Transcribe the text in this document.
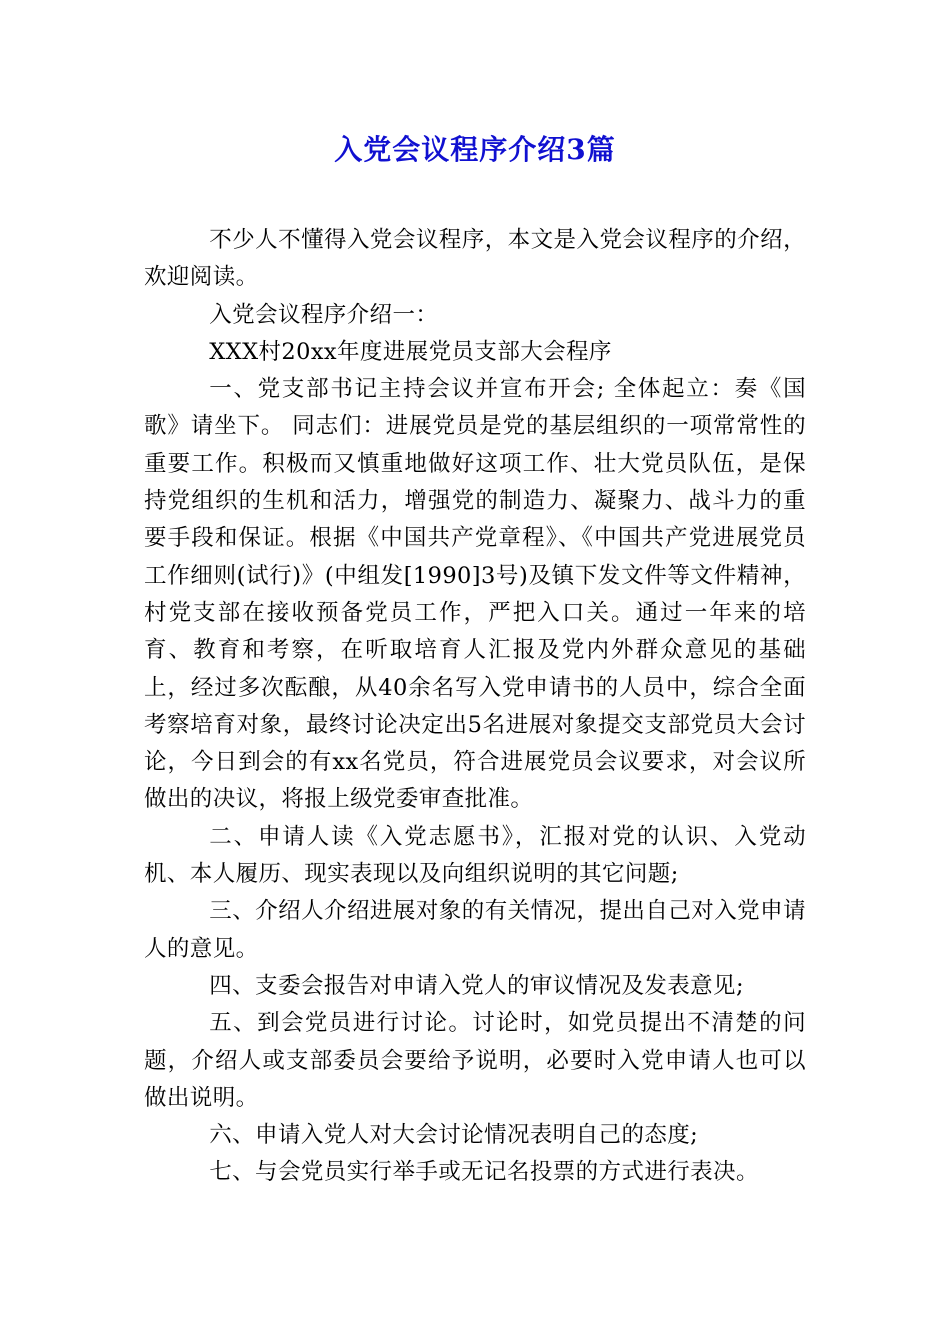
入党会议程序介绍3篇

不少人不懂得入党会议程序，本文是入党会议程序的介绍，欢迎阅读。

入党会议程序介绍一：

XXX村20xx年度进展党员支部大会程序

一、党支部书记主持会议并宣布开会; 全体起立：奏《国歌》请坐下。 同志们：进展党员是党的基层组织的一项常常性的重要工作。积极而又慎重地做好这项工作、壮大党员队伍，是保持党组织的生机和活力，增强党的制造力、凝聚力、战斗力的重要手段和保证。根据《中国共产党章程》、《中国共产党进展党员工作细则(试行)》(中组发[1990]3号)及镇下发文件等文件精神，村党支部在接收预备党员工作，严把入口关。通过一年来的培育、教育和考察，在听取培育人汇报及党内外群众意见的基础上，经过多次酝酿，从40余名写入党申请书的人员中，综合全面考察培育对象，最终讨论决定出5名进展对象提交支部党员大会讨论，今日到会的有xx名党员，符合进展党员会议要求，对会议所做出的决议，将报上级党委审查批准。

二、申请人读《入党志愿书》，汇报对党的认识、入党动机、本人履历、现实表现以及向组织说明的其它问题;

三、介绍人介绍进展对象的有关情况，提出自己对入党申请人的意见。

四、支委会报告对申请入党人的审议情况及发表意见;

五、到会党员进行讨论。讨论时，如党员提出不清楚的问题，介绍人或支部委员会要给予说明，必要时入党申请人也可以做出说明。

六、申请入党人对大会讨论情况表明自己的态度;

七、与会党员实行举手或无记名投票的方式进行表决。
